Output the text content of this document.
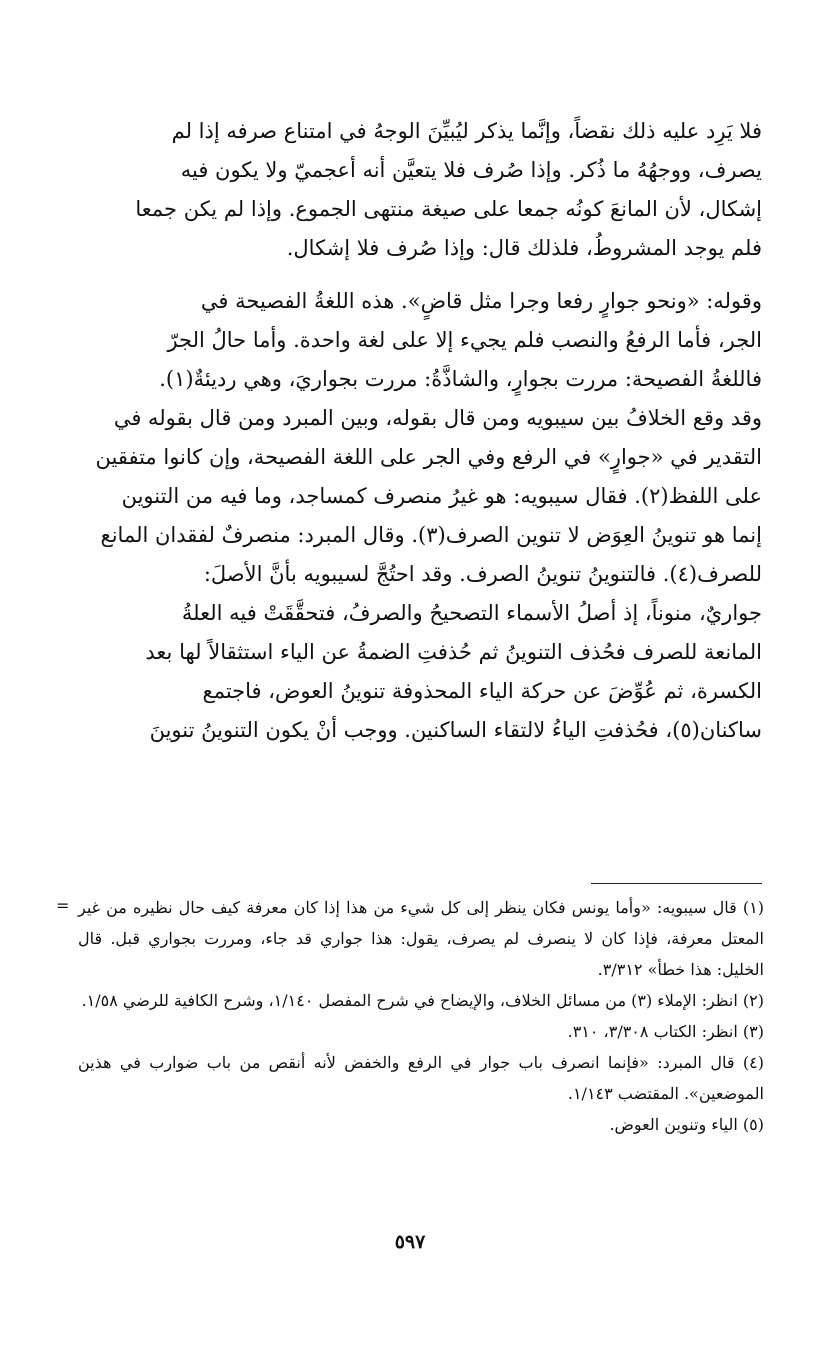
فلا يَرِد عليه ذلك نقضاً، وإنَّما يذكر ليُبيِّنَ الوجهُ في امتناع صرفه إذا لم

يصرف، ووجهُهُ ما ذُكر. وإذا صُرف فلا يتعيَّن أنه أعجميّ ولا يكون فيه

إشكال، لأن المانعَ كونُه جمعا على صيغة منتهى الجموع. وإذا لم يكن جمعا

فلم يوجد المشروطُ، فلذلك قال: وإذا صُرف فلا إشكال.

وقوله: «ونحو جوارٍ رفعا وجرا مثل قاضٍ». هذه اللغةُ الفصيحة في

الجر، فأما الرفعُ والنصب فلم يجيء إلا على لغة واحدة. وأما حالُ الجرّ

فاللغةُ الفصيحة: مررت بجوارٍ، والشاذَّةُ: مررت بجواريَ، وهي رديئةٌ(١).

وقد وقع الخلافُ بين سيبويه ومن قال بقوله، وبين المبرد ومن قال بقوله في

التقدير في «جوارٍ» في الرفع وفي الجر على اللغة الفصيحة، وإن كانوا متفقين

على اللفظ(٢). فقال سيبويه: هو غيرُ منصرف كمساجد، وما فيه من التنوين

إنما هو تنوينُ العِوَض لا تنوين الصرف(٣). وقال المبرد: منصرفٌ لفقدان المانع

للصرف(٤). فالتنوينُ تنوينُ الصرف. وقد احتُجَّ لسيبويه بأنَّ الأصلَ:

جواريٌ، منوناً، إذ أصلُ الأسماء التصحيحُ والصرفُ، فتحقَّقَتْ فيه العلةُ

المانعة للصرف فحُذف التنوينُ ثم حُذفتِ الضمةُ عن الياء استثقالاً لها بعد

الكسرة، ثم عُوِّضَ عن حركة الياء المحذوفة تنوينُ العوض، فاجتمع

ساكنان(٥)، فحُذفتِ الياءُ لالتقاء الساكنين. ووجب أنْ يكون التنوينُ تنوينَ

= (١) قال سيبويه: «وأما يونس فكان ينظر إلى كل شيء من هذا إذا كان معرفة كيف حال نظيره من غير المعتل معرفة، فإذا كان لا ينصرف لم يصرف، يقول: هذا جواري قد جاء، ومررت بجواري قبل. قال الخليل: هذا خطأ» ٣/٣١٢.

(٢) انظر: الإملاء (٣) من مسائل الخلاف، والإيضاح في شرح المفصل ١/١٤٠، وشرح الكافية للرضي ١/٥٨.

(٣) انظر: الكتاب ٣/٣٠٨، ٣١٠.

(٤) قال المبرد: «فإنما انصرف باب جوار في الرفع والخفض لأنه أنقص من باب ضوارب في هذين الموضعين». المقتضب ١/١٤٣.

(٥) الياء وتنوين العوض.

٥٩٧
